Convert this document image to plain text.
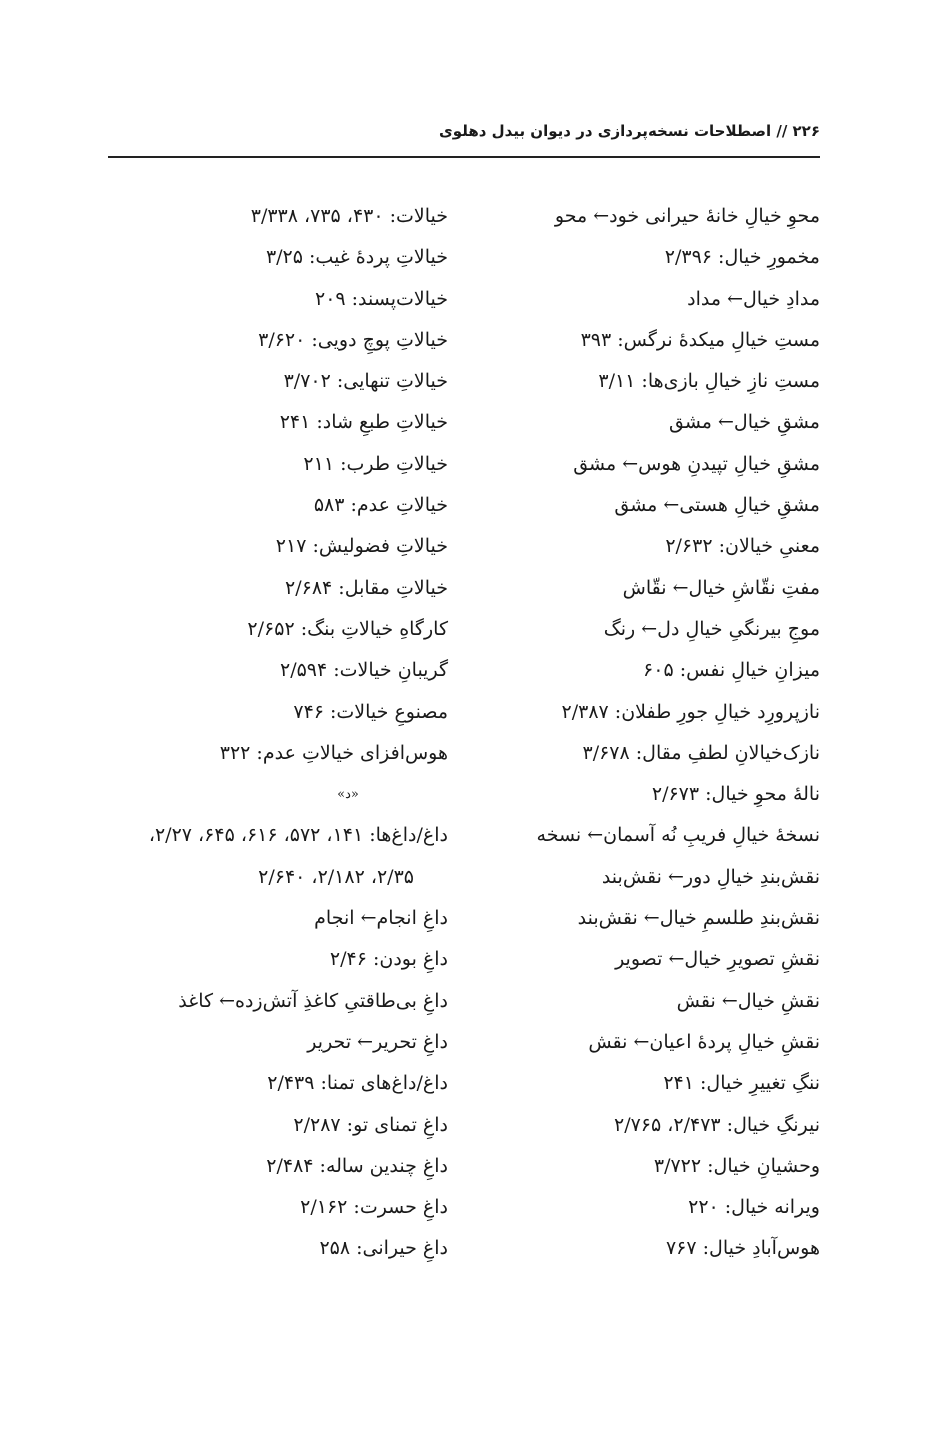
۲۲۶ // اصطلاحات نسخه‌پردازی در دیوان بیدل دهلوی
محوِ خیالِ خانۀ حیرانی خود← محو
مخمورِ خیال: ۲/۳۹۶
مدادِ خیال← مداد
مستِ خیالِ میکدۀ نرگس: ۳۹۳
مستِ نازِ خیالِ بازی‌ها: ۳/۱۱
مشقِ خیال← مشق
مشقِ خیالِ تپیدنِ هوس← مشق
مشقِ خیالِ هستی← مشق
معنیِ خیالان: ۲/۶۳۲
مفتِ نقّاشِ خیال← نقّاش
موجِ بیرنگیِ خیالِ دل← رنگ
میزانِ خیالِ نفس: ۶۰۵
نازپرورِد خیالِ جورِ طفلان: ۲/۳۸۷
نازک‌خیالانِ لطفِ مقال: ۳/۶۷۸
نالۀ محوِ خیال: ۲/۶۷۳
نسخۀ خیالِ فریبِ نُه آسمان← نسخه
نقش‌بندِ خیالِ دور← نقش‌بند
نقش‌بندِ طلسمِ خیال← نقش‌بند
نقشِ تصویرِ خیال← تصویر
نقشِ خیال← نقش
نقشِ خیالِ پردۀ اعیان← نقش
ننگِ تغییرِ خیال: ۲۴۱
نیرنگِ خیال: ۲/۴۷۳، ۲/۷۶۵
وحشیانِ خیال: ۳/۷۲۲
ویرانه خیال: ۲۲۰
هوس‌آبادِ خیال: ۷۶۷
خیالات: ۴۳۰، ۷۳۵، ۳/۳۳۸
خیالاتِ پردۀ غیب: ۳/۲۵
خیالات‌پسند: ۲۰۹
خیالاتِ پوچِ دویی: ۳/۶۲۰
خیالاتِ تنهایی: ۳/۷۰۲
خیالاتِ طبعِ شاد: ۲۴۱
خیالاتِ طرب: ۲۱۱
خیالاتِ عدم: ۵۸۳
خیالاتِ فضولیش: ۲۱۷
خیالاتِ مقابل: ۲/۶۸۴
کارگاهِ خیالاتِ بنگ: ۲/۶۵۲
گریبانِ خیالات: ۲/۵۹۴
مصنوعِ خیالات: ۷۴۶
هوس‌افزای خیالاتِ عدم: ۳۲۲
«د»
داغ/داغ‌ها: ۱۴۱، ۵۷۲، ۶۱۶، ۶۴۵، ۲/۲۷،
۲/۳۵، ۲/۱۸۲، ۲/۶۴۰
داغِ انجام← انجام
داغِ بودن: ۲/۴۶
داغِ بی‌طاقتیِ کاغذِ آتش‌زده← کاغذ
داغِ تحریر← تحریر
داغ/داغ‌های تمنا: ۲/۴۳۹
داغِ تمنای تو: ۲/۲۸۷
داغِ چندین ساله: ۲/۴۸۴
داغِ حسرت: ۲/۱۶۲
داغِ حیرانی: ۲۵۸
